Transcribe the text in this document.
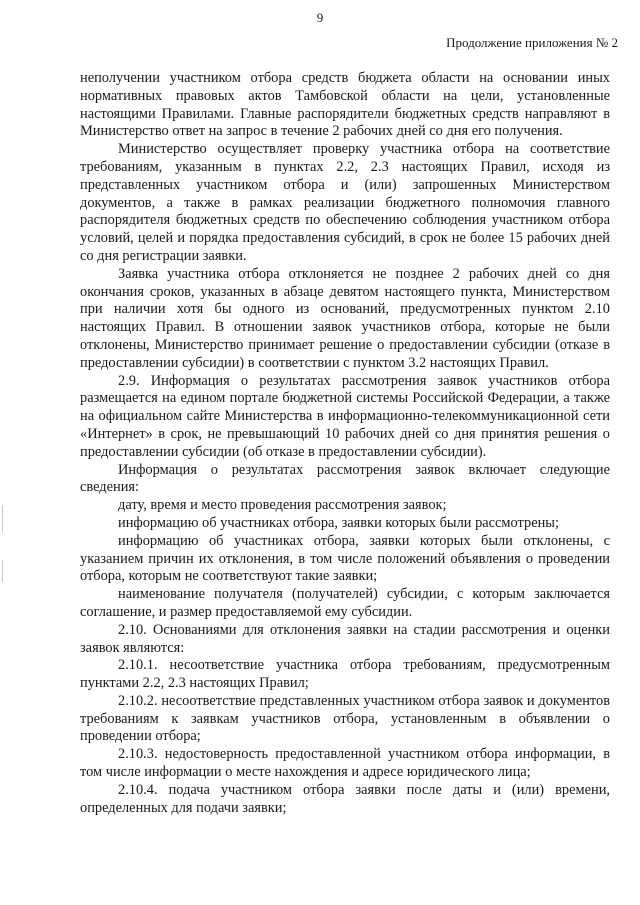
9
Продолжение приложения № 2

неполучении участником отбора средств бюджета области на основании иных нормативных правовых актов Тамбовской области на цели, установленные настоящими Правилами. Главные распорядители бюджетных средств направляют в Министерство ответ на запрос в течение 2 рабочих дней со дня его получения.

Министерство осуществляет проверку участника отбора на соответствие требованиям, указанным в пунктах 2.2, 2.3 настоящих Правил, исходя из представленных участником отбора и (или) запрошенных Министерством документов, а также в рамках реализации бюджетного полномочия главного распорядителя бюджетных средств по обеспечению соблюдения участником отбора условий, целей и порядка предоставления субсидий, в срок не более 15 рабочих дней со дня регистрации заявки.

Заявка участника отбора отклоняется не позднее 2 рабочих дней со дня окончания сроков, указанных в абзаце девятом настоящего пункта, Министерством при наличии хотя бы одного из оснований, предусмотренных пунктом 2.10 настоящих Правил. В отношении заявок участников отбора, которые не были отклонены, Министерство принимает решение о предоставлении субсидии (отказе в предоставлении субсидии) в соответствии с пунктом 3.2 настоящих Правил.

2.9. Информация о результатах рассмотрения заявок участников отбора размещается на едином портале бюджетной системы Российской Федерации, а также на официальном сайте Министерства в информационно-телекоммуникационной сети «Интернет» в срок, не превышающий 10 рабочих дней со дня принятия решения о предоставлении субсидии (об отказе в предоставлении субсидии).

Информация о результатах рассмотрения заявок включает следующие сведения:

дату, время и место проведения рассмотрения заявок;

информацию об участниках отбора, заявки которых были рассмотрены;

информацию об участниках отбора, заявки которых были отклонены, с указанием причин их отклонения, в том числе положений объявления о проведении отбора, которым не соответствуют такие заявки;

наименование получателя (получателей) субсидии, с которым заключается соглашение, и размер предоставляемой ему субсидии.

2.10. Основаниями для отклонения заявки на стадии рассмотрения и оценки заявок являются:

2.10.1. несоответствие участника отбора требованиям, предусмотренным пунктами 2.2, 2.3 настоящих Правил;

2.10.2. несоответствие представленных участником отбора заявок и документов требованиям к заявкам участников отбора, установленным в объявлении о проведении отбора;

2.10.3. недостоверность предоставленной участником отбора информации, в том числе информации о месте нахождения и адресе юридического лица;

2.10.4. подача участником отбора заявки после даты и (или) времени, определенных для подачи заявки;
